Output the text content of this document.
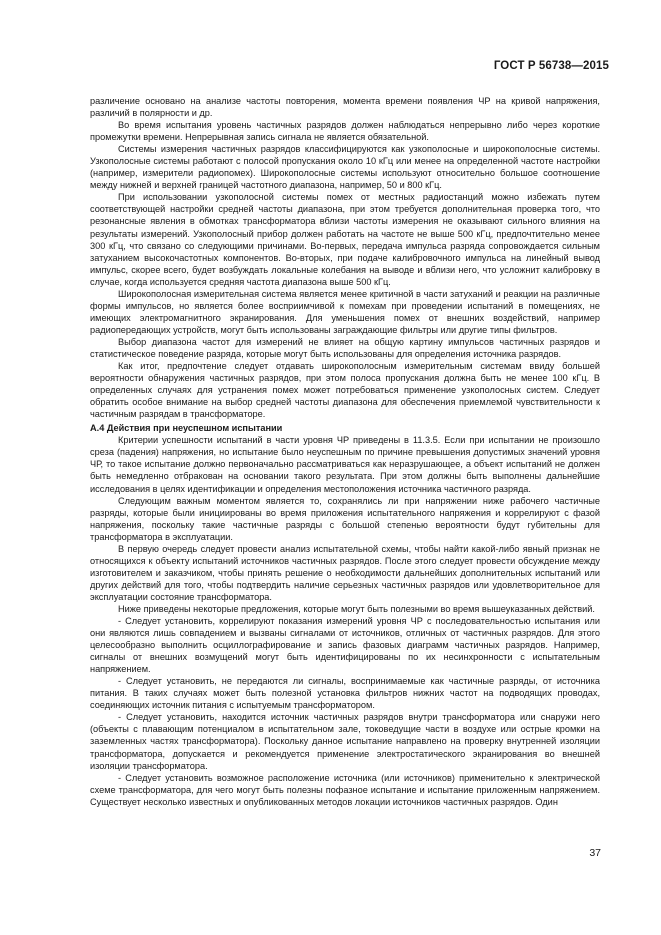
ГОСТ Р 56738—2015

различение основано на анализе частоты повторения, момента времени появления ЧР на кривой напряжения, различий в полярности и др.

Во время испытания уровень частичных разрядов должен наблюдаться непрерывно либо через короткие промежутки времени. Непрерывная запись сигнала не является обязательной.

Системы измерения частичных разрядов классифицируются как узкополосные и широкополосные системы. Узкополосные системы работают с полосой пропускания около 10 кГц или менее на определенной частоте настройки (например, измерители радиопомех). Широкополосные системы используют относительно большое соотношение между нижней и верхней границей частотного диапазона, например, 50 и 800 кГц.

При использовании узкополосной системы помех от местных радиостанций можно избежать путем соответствующей настройки средней частоты диапазона, при этом требуется дополнительная проверка того, что резонансные явления в обмотках трансформатора вблизи частоты измерения не оказывают сильного влияния на результаты измерений. Узкополосный прибор должен работать на частоте не выше 500 кГц, предпочтительно менее 300 кГц, что связано со следующими причинами. Во-первых, передача импульса разряда сопровождается сильным затуханием высокочастотных компонентов. Во-вторых, при подаче калибровочного импульса на линейный вывод импульс, скорее всего, будет возбуждать локальные колебания на выводе и вблизи него, что усложнит калибровку в случае, когда используется средняя частота диапазона выше 500 кГц.

Широкополосная измерительная система является менее критичной в части затуханий и реакции на различные формы импульсов, но является более восприимчивой к помехам при проведении испытаний в помещениях, не имеющих электромагнитного экранирования. Для уменьшения помех от внешних воздействий, например радиопередающих устройств, могут быть использованы заграждающие фильтры или другие типы фильтров.

Выбор диапазона частот для измерений не влияет на общую картину импульсов частичных разрядов и статистическое поведение разряда, которые могут быть использованы для определения источника разрядов.

Как итог, предпочтение следует отдавать широкополосным измерительным системам ввиду большей вероятности обнаружения частичных разрядов, при этом полоса пропускания должна быть не менее 100 кГц. В определенных случаях для устранения помех может потребоваться применение узкополосных систем. Следует обратить особое внимание на выбор средней частоты диапазона для обеспечения приемлемой чувствительности к частичным разрядам в трансформаторе.

А.4 Действия при неуспешном испытании

Критерии успешности испытаний в части уровня ЧР приведены в 11.3.5. Если при испытании не произошло среза (падения) напряжения, но испытание было неуспешным по причине превышения допустимых значений уровня ЧР, то такое испытание должно первоначально рассматриваться как неразрушающее, а объект испытаний не должен быть немедленно отбракован на основании такого результата. При этом должны быть выполнены дальнейшие исследования в целях идентификации и определения местоположения источника частичного разряда.

Следующим важным моментом является то, сохранялись ли при напряжении ниже рабочего частичные разряды, которые были инициированы во время приложения испытательного напряжения и коррелируют с фазой напряжения, поскольку такие частичные разряды с большой степенью вероятности будут губительны для трансформатора в эксплуатации.

В первую очередь следует провести анализ испытательной схемы, чтобы найти какой-либо явный признак не относящихся к объекту испытаний источников частичных разрядов. После этого следует провести обсуждение между изготовителем и заказчиком, чтобы принять решение о необходимости дальнейших дополнительных испытаний или других действий для того, чтобы подтвердить наличие серьезных частичных разрядов или удовлетворительное для эксплуатации состояние трансформатора.

Ниже приведены некоторые предложения, которые могут быть полезными во время вышеуказанных действий.

- Следует установить, коррелируют показания измерений уровня ЧР с последовательностью испытания или они являются лишь совпадением и вызваны сигналами от источников, отличных от частичных разрядов. Для этого целесообразно выполнить осциллографирование и запись фазовых диаграмм частичных разрядов. Например, сигналы от внешних возмущений могут быть идентифицированы по их несинхронности с испытательным напряжением.

- Следует установить, не передаются ли сигналы, воспринимаемые как частичные разряды, от источника питания. В таких случаях может быть полезной установка фильтров нижних частот на подводящих проводах, соединяющих источник питания с испытуемым трансформатором.

- Следует установить, находится источник частичных разрядов внутри трансформатора или снаружи него (объекты с плавающим потенциалом в испытательном зале, токоведущие части в воздухе или острые кромки на заземленных частях трансформатора). Поскольку данное испытание направлено на проверку внутренней изоляции трансформатора, допускается и рекомендуется применение электростатического экранирования во внешней изоляции трансформатора.

- Следует установить возможное расположение источника (или источников) применительно к электрической схеме трансформатора, для чего могут быть полезны пофазное испытание и испытание приложенным напряжением. Существует несколько известных и опубликованных методов локации источников частичных разрядов. Один

37
